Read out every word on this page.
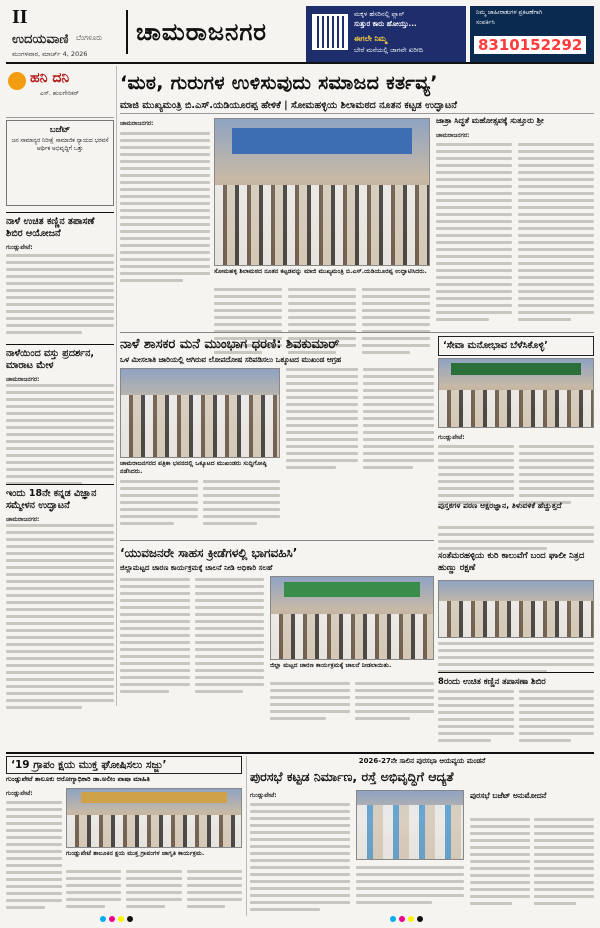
II
ಉದಯವಾಣಿ ಬೆಂಗಳೂರು
ಮಂಗಳವಾರ, ಮಾರ್ಚ್ 4, 2026
ಚಾಮರಾಜನಗರ
ಮಕ್ಕಳ ಹೆಸರಿನಲ್ಲಿ ಪ್ಲಾನ್
ಸುತ್ತುರ ಕಾರು ಹೋಯ್ತು...
ಈಗಲೇ ನಿಮ್ಮ
ಬೇರೆ ಮನೆಯಲ್ಲಿ ಜಾಗವೇ ಖರೀದಿ
ನಿಮ್ಮ ಜಾಹೀರಾತುಗಳ ಪ್ರಕಟಣೆಗಾಗಿ
ಸಂಪರ್ಕಿಸಿ
8310152292
ಹನಿ ದನಿ
ಎಸ್. ಹುಲಗೇರಿಕರ್
ಬಜೆಟ್

ಜನ ಸಾಮಾನ್ಯರ ನಿರೀಕ್ಷೆ ಸಾಮಾಜಿಕ ನ್ಯಾಯದ ಭರವಸೆ ಆರ್ಥಿಕ ಅಭಿವೃದ್ಧಿಗೆ ಒತ್ತು

ನಾಳೆ ಉಚಿತ ಕಣ್ಣಿನ ತಪಾಸಣೆ ಶಿಬಿರ ಆಯೋಜನೆ
ಗುಂಡ್ಲುಪೇಟೆ:
ನಾಳೆಯಿಂದ ವಸ್ತು ಪ್ರದರ್ಶನ, ಮಾರಾಟ ಮೇಳ
ಚಾಮರಾಜನಗರ:
ಇಂದು 18ನೇ ಕನ್ನಡ ವಿಜ್ಞಾನ ಸಮ್ಮೇಳನ ಉದ್ಘಾಟನೆ
ಚಾಮರಾಜನಗರ:
‘ಮಠ, ಗುರುಗಳ ಉಳಿಸುವುದು ಸಮಾಜದ ಕರ್ತವ್ಯ’
ಮಾಜಿ ಮುಖ್ಯಮಂತ್ರಿ ಬಿ.ಎಸ್.ಯಡಿಯೂರಪ್ಪ ಹೇಳಿಕೆ | ಸೋಮಹಳ್ಳಿಯ ಶಿಲಾಮಠದ ನೂತನ ಕಟ್ಟಡ ಉದ್ಘಾಟನೆ
ಚಾಮರಾಜನಗರ:
ಸೋಮಹಳ್ಳಿ ಶಿಲಾಮಠದ ನೂತನ ಕಟ್ಟಡವನ್ನು ಮಾಜಿ ಮುಖ್ಯಮಂತ್ರಿ ಬಿ.ಎಸ್.ಯಡಿಯೂರಪ್ಪ ಉದ್ಘಾಟಿಸಿದರು.
ಜಾತ್ರಾ ಸಿದ್ಧತೆ ಮಹೋತ್ಸವಕ್ಕೆ ಸುತ್ತೂರು ಶ್ರೀ
ಚಾಮರಾಜನಗರ:
ನಾಳೆ ಶಾಸಕರ ಮನೆ ಮುಂಭಾಗ ಧರಣಿ: ಶಿವಕುಮಾರ್
ಒಳ ಮೀಸಲಾತಿ ಜಾರಿಯಲ್ಲಿ ಆಗಿರುವ ಲೋಪದೋಷ ಸರಿಪಡಿಸಲು ಒಕ್ಕೂಟದ ಮುಖಂಡ ಆಗ್ರಹ
ಚಾಮರಾಜನಗರದ ಪತ್ರಿಕಾ ಭವನದಲ್ಲಿ ಒಕ್ಕೂಟದ ಮುಖಂಡರು ಸುದ್ದಿಗೋಷ್ಠಿ ನಡೆಸಿದರು.
‘ಸೇವಾ ಮನೋಭಾವ ಬೆಳೆಸಿಕೊಳ್ಳಿ’
ಗುಂಡ್ಲುಪೇಟೆ:
‘ಯುವಜನರೇ ಸಾಹಸ ಕ್ರೀಡೆಗಳಲ್ಲಿ ಭಾಗವಹಿಸಿ’
ಜಿಲ್ಲಾಮಟ್ಟದ ಚಾರಣ ಕಾರ್ಯಕ್ರಮಕ್ಕೆ ಚಾಲನೆ ನೀಡಿ ಅಧಿಕಾರಿ ಸಲಹೆ
ಜಿಲ್ಲಾ ಮಟ್ಟದ ಚಾರಣ ಕಾರ್ಯಕ್ರಮಕ್ಕೆ ಚಾಲನೆ ನೀಡಲಾಯಿತು.
ಪುಸ್ತಕಗಳ ಪಠಣ ಅಕ್ಷರಜ್ಞಾನ, ತಿಳುವಳಿಕೆ ಹೆಚ್ಚುತ್ತದೆ
ಸಂತೆಮರಹಳ್ಳಿಯ ಕುರಿ ಕಾಲುವೆಗೆ ಬಂದ ಘಾಲೀ ನಿತ್ರದ ಹುಣ್ಣು ರಕ್ಷಣೆ
8ರಂದು ಉಚಿತ ಕಣ್ಣಿನ ತಪಾಸಣಾ ಶಿಬಿರ
‘19 ಗ್ರಾಪಂ ಕ್ಷಯ ಮುಕ್ತ ಘೋಷಿಸಲು ಸಜ್ಜು’
ಗುಂಡ್ಲುಪೇಟೆ ತಾಲೂಕು ಆರೋಗ್ಯಾಧಿಕಾರಿ ಡಾ.ಅಲೀಂ ಪಾಷಾ ಮಾಹಿತಿ
ಗುಂಡ್ಲುಪೇಟೆ:
ಗುಂಡ್ಲುಪೇಟೆ ತಾಲೂಕಿನ ಕ್ಷಯ ಮುಕ್ತ ಗ್ರಾಪಂಗಳ ಜಾಗೃತಿ ಕಾರ್ಯಕ್ರಮ.
2026-27ನೇ ಸಾಲಿನ ಪುರಸಭಾ ಆಯವ್ಯಯ ಮಂಡನೆ
ಪುರಸಭೆ ಕಟ್ಟಡ ನಿರ್ಮಾಣ, ರಸ್ತೆ ಅಭಿವೃದ್ಧಿಗೆ ಆದ್ಯತೆ
ಗುಂಡ್ಲುಪೇಟೆ:	ಪುರಸಭೆ ಬಜೆಟ್ ಅನುಮೋದನೆ
